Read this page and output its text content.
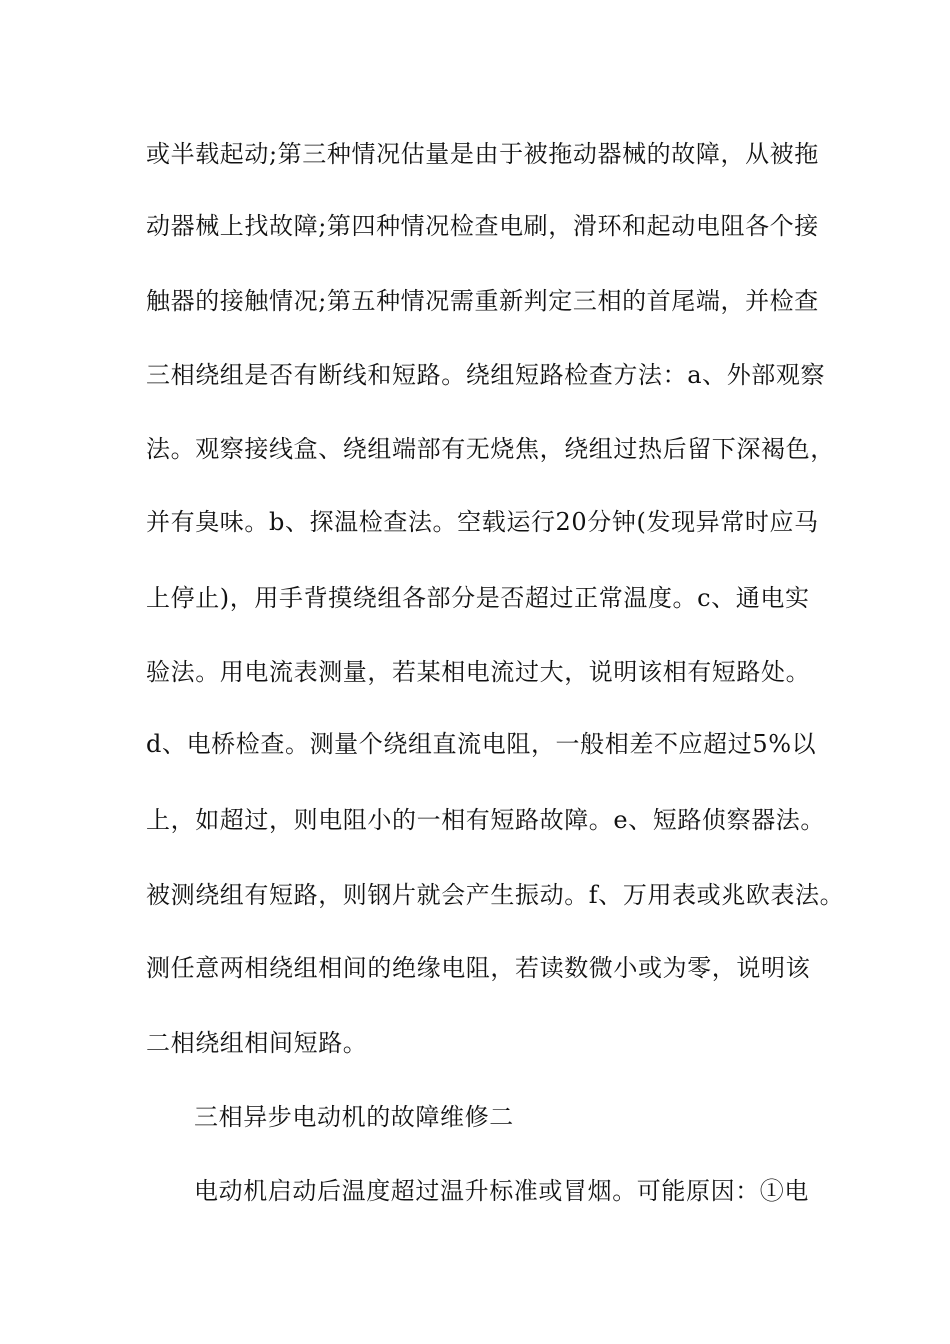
或半载起动;第三种情况估量是由于被拖动器械的故障，从被拖
动器械上找故障;第四种情况检查电刷，滑环和起动电阻各个接
触器的接触情况;第五种情况需重新判定三相的首尾端，并检查
三相绕组是否有断线和短路。绕组短路检查方法：a、外部观察
法。观察接线盒、绕组端部有无烧焦，绕组过热后留下深褐色，
并有臭味。b、探温检查法。空载运行20分钟(发现异常时应马
上停止)，用手背摸绕组各部分是否超过正常温度。c、通电实
验法。用电流表测量，若某相电流过大，说明该相有短路处。
d、电桥检查。测量个绕组直流电阻，一般相差不应超过5%以
上，如超过，则电阻小的一相有短路故障。e、短路侦察器法。
被测绕组有短路，则钢片就会产生振动。f、万用表或兆欧表法。
测任意两相绕组相间的绝缘电阻，若读数微小或为零，说明该
二相绕组相间短路。
三相异步电动机的故障维修二
电动机启动后温度超过温升标准或冒烟。可能原因：①电
